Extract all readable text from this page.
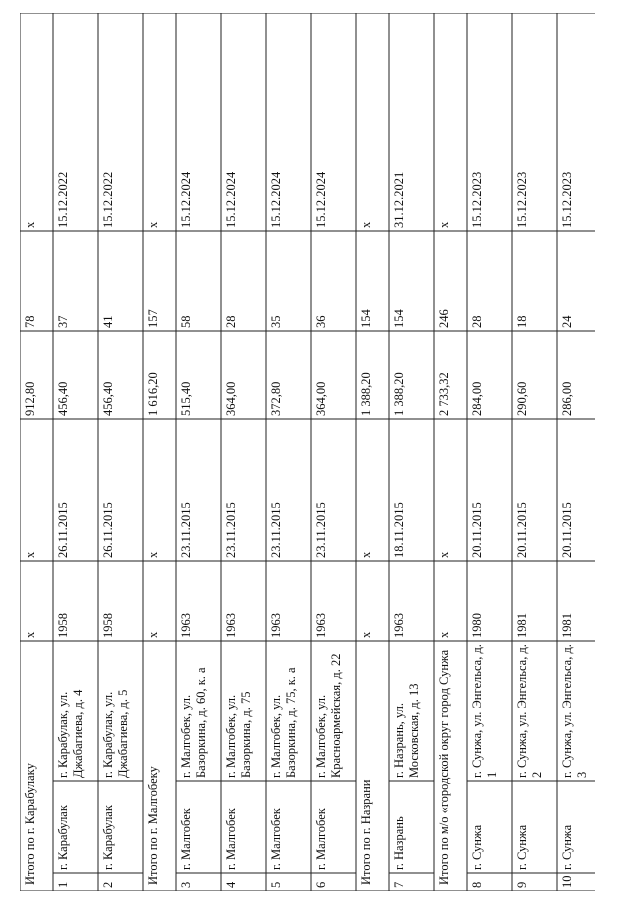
Итого по г. Карабулаку
х
х
912,80
78
х
1
г. Карабулак
г. Карабулак, ул. Джабагиева, д. 4
1958
26.11.2015
456,40
37
15.12.2022
2
г. Карабулак
г. Карабулак, ул. Джабагиева, д. 5
1958
26.11.2015
456,40
41
15.12.2022
Итого по г. Малгобеку
х
х
1 616,20
157
х
3
г. Малгобек
г. Малгобек, ул. Базоркина, д. 60, к. а
1963
23.11.2015
515,40
58
15.12.2024
4
г. Малгобек
г. Малгобек, ул. Базоркина, д. 75
1963
23.11.2015
364,00
28
15.12.2024
5
г. Малгобек
г. Малгобек, ул. Базоркина, д. 75, к. а
1963
23.11.2015
372,80
35
15.12.2024
6
г. Малгобек
г. Малгобек, ул. Красноармейская, д. 22
1963
23.11.2015
364,00
36
15.12.2024
Итого по г. Назрани
х
х
1 388,20
154
х
7
г. Назрань
г. Назрань, ул. Московская, д. 13
1963
18.11.2015
1 388,20
154
31.12.2021
Итого по м/о «городской округ город Сунжа
х
х
2 733,32
246
х
8
г. Сунжа
г. Сунжа, ул. Энгельса, д. 1
1980
20.11.2015
284,00
28
15.12.2023
9
г. Сунжа
г. Сунжа, ул. Энгельса, д. 2
1981
20.11.2015
290,60
18
15.12.2023
10
г. Сунжа
г. Сунжа, ул. Энгельса, д. 3
1981
20.11.2015
286,00
24
15.12.2023
